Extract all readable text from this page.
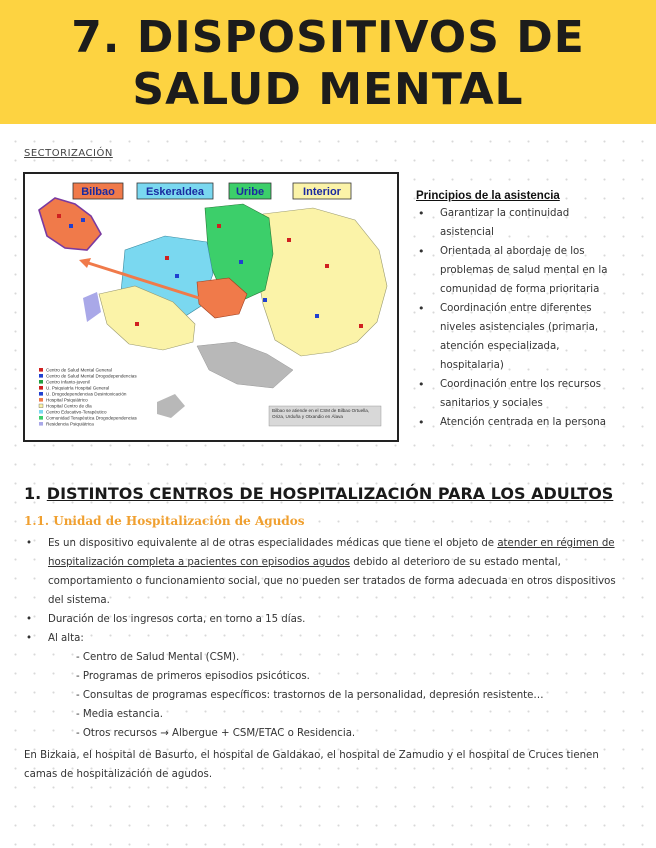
7. DISPOSITIVOS DE
SALUD MENTAL
SECTORIZACIÓN
Bilbao	Eskeraldea	Uribe	Interior
Centro de Salud Mental General
Centro de Salud Mental Drogodependencias
Centro Infanto-juvenil
U. Psiquiatría Hospital General
U. Drogodependencias Desintoxicación
Hospital Psiquiátrico
Hospital Centro de día
Centro Educativo-Terapéutico
Comunidad Terapéutica Drogodependencias
Residencia Psiquiátrica
Bilbao se atiende en el CSM de Bilbao Ortuella, Oriza, Urduña y Otxandio en Álava
Principios de la asistencia
• Garantizar la continuidad asistencial
• Orientada al abordaje de los problemas de salud mental en la comunidad de forma prioritaria
• Coordinación entre diferentes niveles asistenciales (primaria, atención especializada, hospitalaria)
• Coordinación entre los recursos sanitarios y sociales
• Atención centrada en la persona
1. DISTINTOS CENTROS DE HOSPITALIZACIÓN PARA LOS ADULTOS
1.1. Unidad de Hospitalización de Agudos
• Es un dispositivo equivalente al de otras especialidades médicas que tiene el objeto de atender en régimen de hospitalización completa a pacientes con episodios agudos debido al deterioro de su estado mental, comportamiento o funcionamiento social, que no pueden ser tratados de forma adecuada en otros dispositivos del sistema.
• Duración de los ingresos corta, en torno a 15 días.
• Al alta:
- Centro de Salud Mental (CSM).
- Programas de primeros episodios psicóticos.
- Consultas de programas específicos: trastornos de la personalidad, depresión resistente…
- Media estancia.
- Otros recursos → Albergue + CSM/ETAC o Residencia.
En Bizkaia, el hospital de Basurto, el hospital de Galdakao, el hospital de Zamudio y el hospital de Cruces tienen camas de hospitalización de agudos.
